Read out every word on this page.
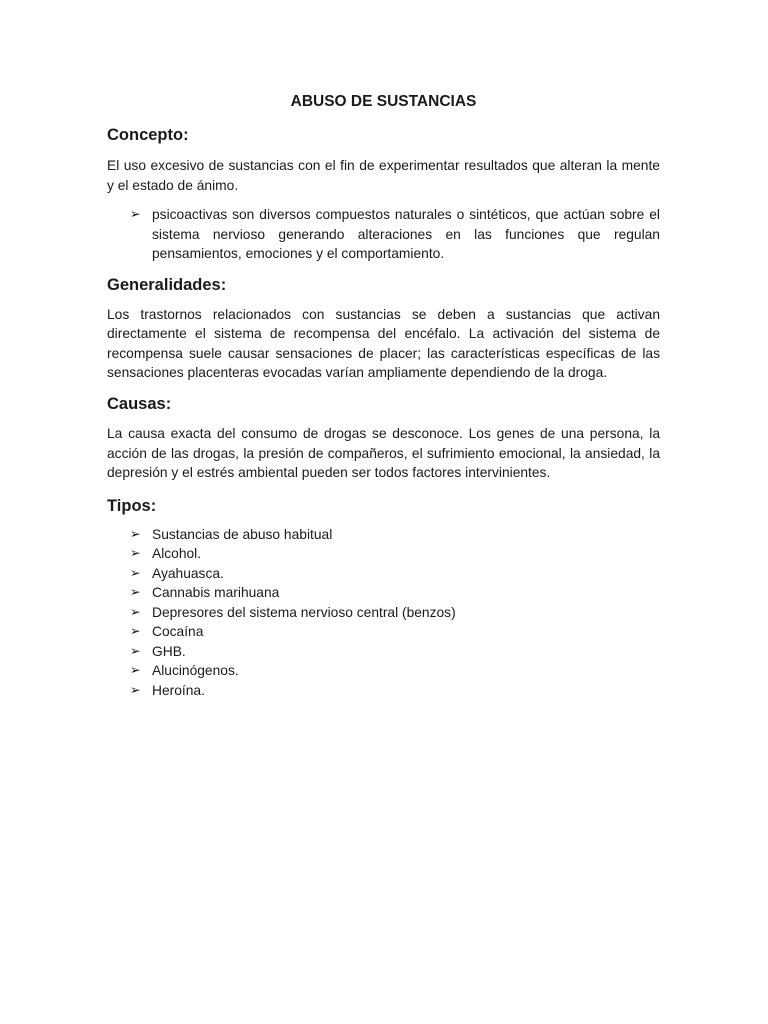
ABUSO DE SUSTANCIAS
Concepto:

El uso excesivo de sustancias con el fin de experimentar resultados que alteran la mente y el estado de ánimo.

➢ psicoactivas son diversos compuestos naturales o sintéticos, que actúan sobre el sistema nervioso generando alteraciones en las funciones que regulan pensamientos, emociones y el comportamiento.
Generalidades:

Los trastornos relacionados con sustancias se deben a sustancias que activan directamente el sistema de recompensa del encéfalo. La activación del sistema de recompensa suele causar sensaciones de placer; las características específicas de las sensaciones placenteras evocadas varían ampliamente dependiendo de la droga.

Causas:

La causa exacta del consumo de drogas se desconoce. Los genes de una persona, la acción de las drogas, la presión de compañeros, el sufrimiento emocional, la ansiedad, la depresión y el estrés ambiental pueden ser todos factores intervinientes.

Tipos:
➢ Sustancias de abuso habitual
➢ Alcohol.
➢ Ayahuasca.
➢ Cannabis marihuana
➢ Depresores del sistema nervioso central (benzos)
➢ Cocaína
➢ GHB.
➢ Alucinógenos.
➢ Heroína.
